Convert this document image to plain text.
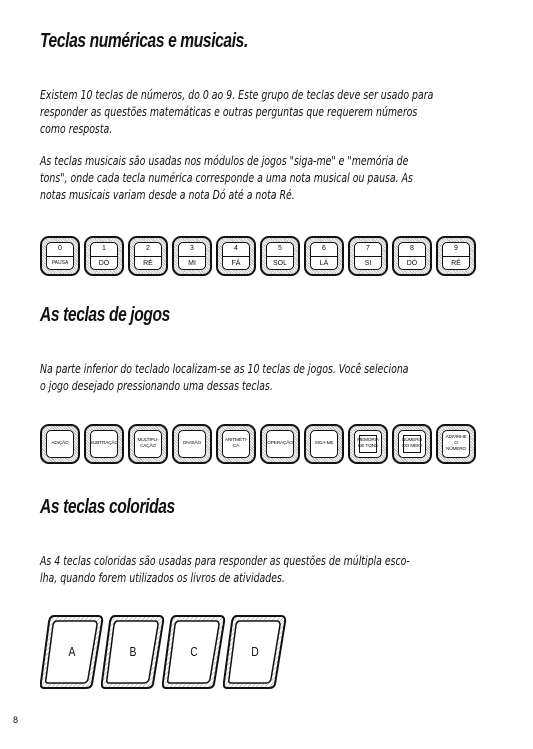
Teclas numéricas e musicais.
Existem 10 teclas de números, do 0 ao 9. Este grupo de teclas deve ser usado para
responder as questões matemáticas e outras perguntas que requerem números
como resposta.
As teclas musicais são usadas nos módulos de jogos "siga-me" e "memória de
tons", onde cada tecla numérica corresponde a uma nota musical ou pausa. As
notas musicais variam desde a nota Dó até a nota Ré.
0
PAUSA
1
DÓ
2
RÉ
3
MI
4
FÁ
5
SOL
6
LÁ
7
SI
8
DÓ
9
RÉ
As teclas de jogos
Na parte inferior do teclado localizam-se as 10 teclas de jogos. Você seleciona
o jogo desejado pressionando uma dessas teclas.
ADIÇÃO	SUBTRAÇÃO
MULTIPLI-CAÇÃO
DIVISÃO
ARITMÉTI-CA
OPERAÇÃO	SIGA-ME
MEMÓRIA DE TONS
NÚMERO DO MEIO
ADIVINHE O NÚMERO
As teclas coloridas
As 4 teclas coloridas são usadas para responder as questões de múltipla esco-
lha, quando forem utilizados os livros de atividades.
A	B	C	D
8
